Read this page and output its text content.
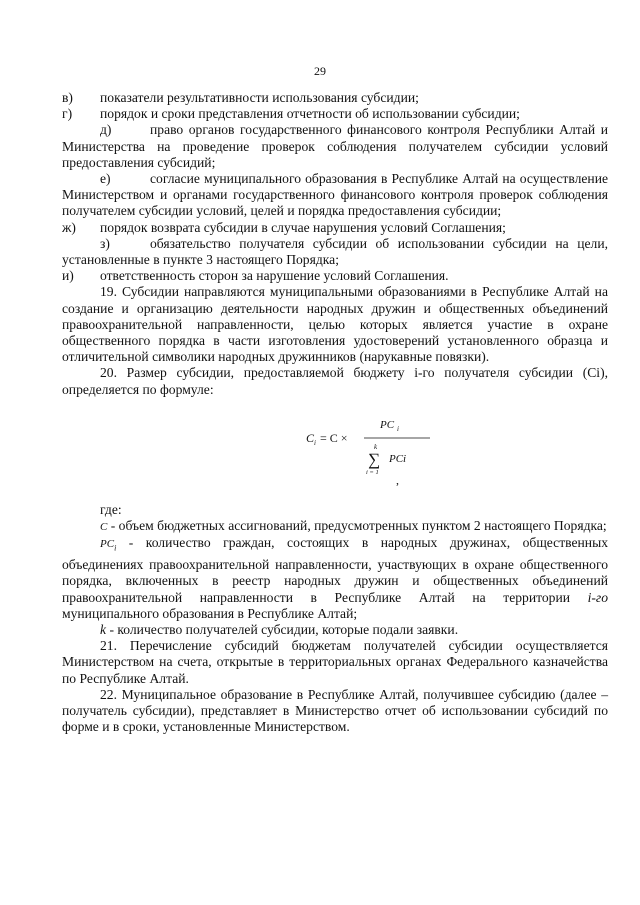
29
в)	показатели результативности использования субсидии;
г)	порядок и сроки представления отчетности об использовании субсидии;
д)	право органов государственного финансового контроля Республики Алтай и Министерства на проведение проверок соблюдения получателем субсидии условий предоставления субсидий;
е)	согласие муниципального образования в Республике Алтай на осуществление Министерством и органами государственного финансового контроля проверок соблюдения получателем субсидии условий, целей и порядка предоставления субсидии;
ж)	порядок возврата субсидии в случае нарушения условий Соглашения;
з)	обязательство получателя субсидии об использовании субсидии на цели, установленные в пункте 3 настоящего Порядка;
и)	ответственность сторон за нарушение условий Соглашения.

19. Субсидии направляются муниципальными образованиями в Республике Алтай на создание и организацию деятельности народных дружин и общественных объединений правоохранительной направленности, целью которых является участие в охране общественного порядка в части изготовления удостоверений установленного образца и отличительной символики народных дружинников (нарукавные повязки).

20. Размер субсидии, предоставляемой бюджету i-го получателя субсидии (Ci), определяется по формуле:

C i = C ×
PC i
k
∑
i = 1
PCi
,

где:

C - объем бюджетных ассигнований, предусмотренных пунктом 2 настоящего Порядка;

$PC_i$ - количество граждан, состоящих в народных дружинах, общественных объединениях правоохранительной направленности, участвующих в охране общественного порядка, включенных в реестр народных дружин и общественных объединений правоохранительной направленности в Республике Алтай на территории i-го муниципального образования в Республике Алтай;

k - количество получателей субсидии, которые подали заявки.

21. Перечисление субсидий бюджетам получателей субсидии осуществляется Министерством на счета, открытые в территориальных органах Федерального казначейства по Республике Алтай.

22. Муниципальное образование в Республике Алтай, получившее субсидию (далее – получатель субсидии), представляет в Министерство отчет об использовании субсидий по форме и в сроки, установленные Министерством.
